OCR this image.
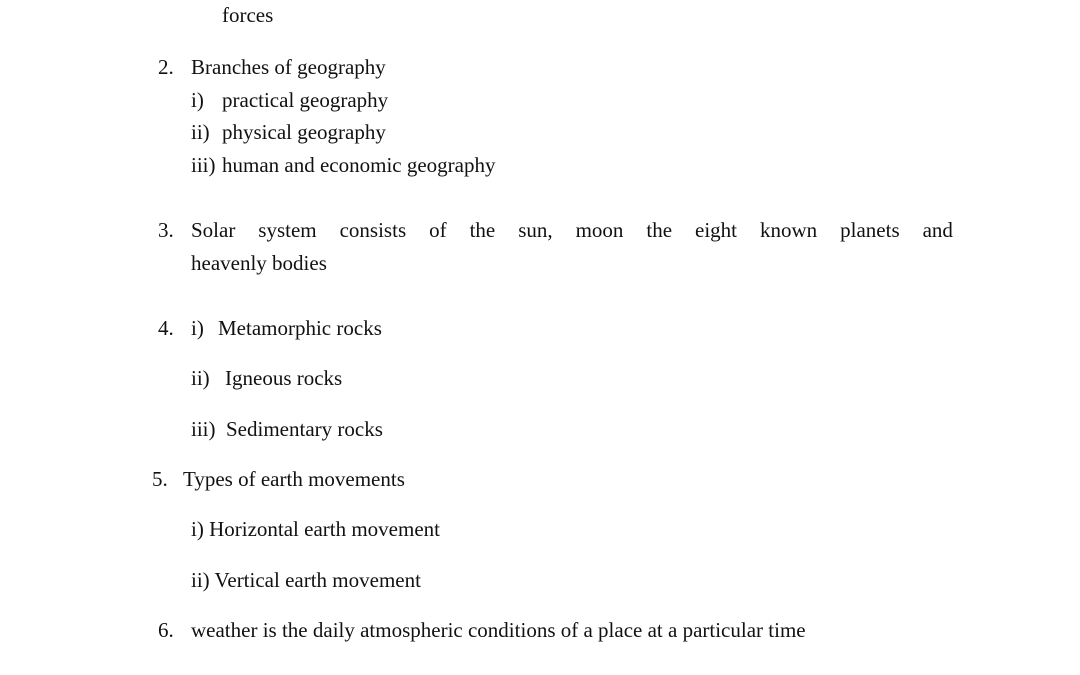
forces
2. Branches of geography
i) practical geography
ii) physical geography
iii) human and economic geography
3. Solar system consists of the sun, moon the eight known planets and
heavenly bodies
4. i) Metamorphic rocks
ii) Igneous rocks
iii) Sedimentary rocks
5. Types of earth movements
i) Horizontal earth movement
ii) Vertical earth movement
6. weather is the daily atmospheric conditions of a place at a particular time
